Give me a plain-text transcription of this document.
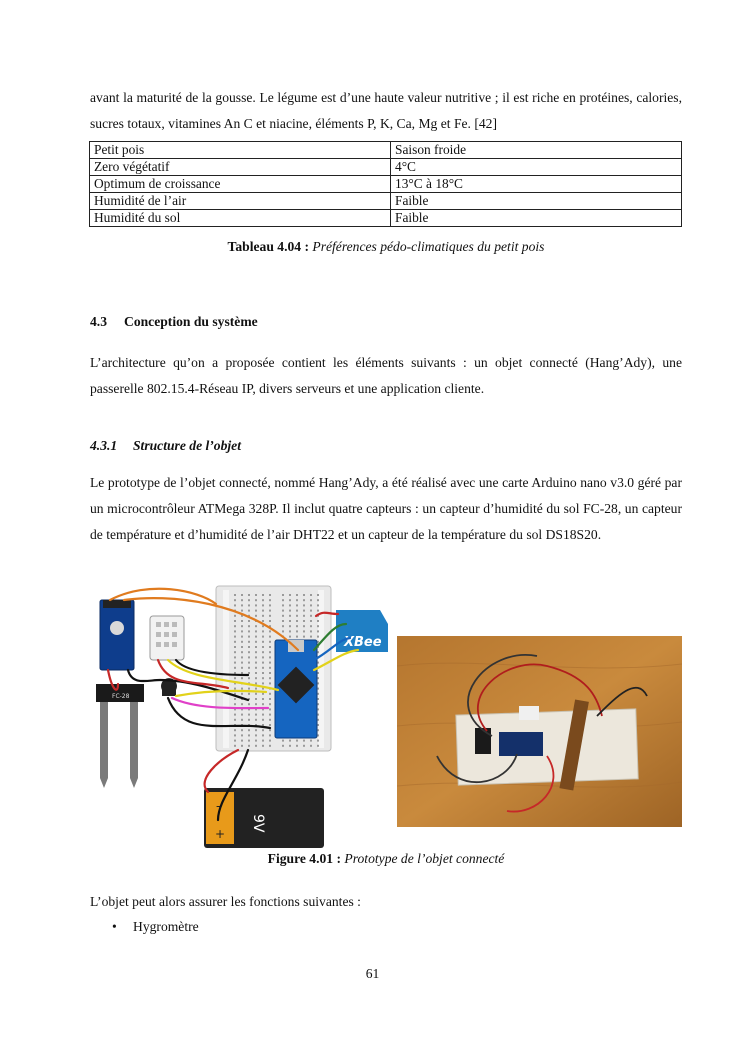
avant la maturité de la gousse. Le légume est d’une haute valeur nutritive ; il est riche en protéines, calories, sucres totaux, vitamines An C et niacine, éléments P, K, Ca, Mg et Fe. [42]

Petit pois	Saison froide
Zero végétatif	4°C
Optimum de croissance	13°C à 18°C
Humidité de l’air	Faible
Humidité du sol	Faible
Tableau 4.04 : Préférences pédo-climatiques du petit pois
4.3 Conception du système

L’architecture qu’on a proposée contient les éléments suivants : un objet connecté (Hang’Ady), une passerelle 802.15.4-Réseau IP, divers serveurs et une application cliente.

4.3.1 Structure de l’objet

Le prototype de l’objet connecté, nommé Hang’Ady, a été réalisé avec une carte Arduino nano v3.0 géré par un microcontrôleur ATMega 328P. Il inclut quatre capteurs : un capteur d’humidité du sol FC-28, un capteur de température et d’humidité de l’air DHT22 et un capteur de la température du sol DS18S20.

FC-28
XBee
-
+
9V
Figure 4.01 : Prototype de l’objet connecté

L’objet peut alors assurer les fonctions suivantes :

• Hygromètre
61
